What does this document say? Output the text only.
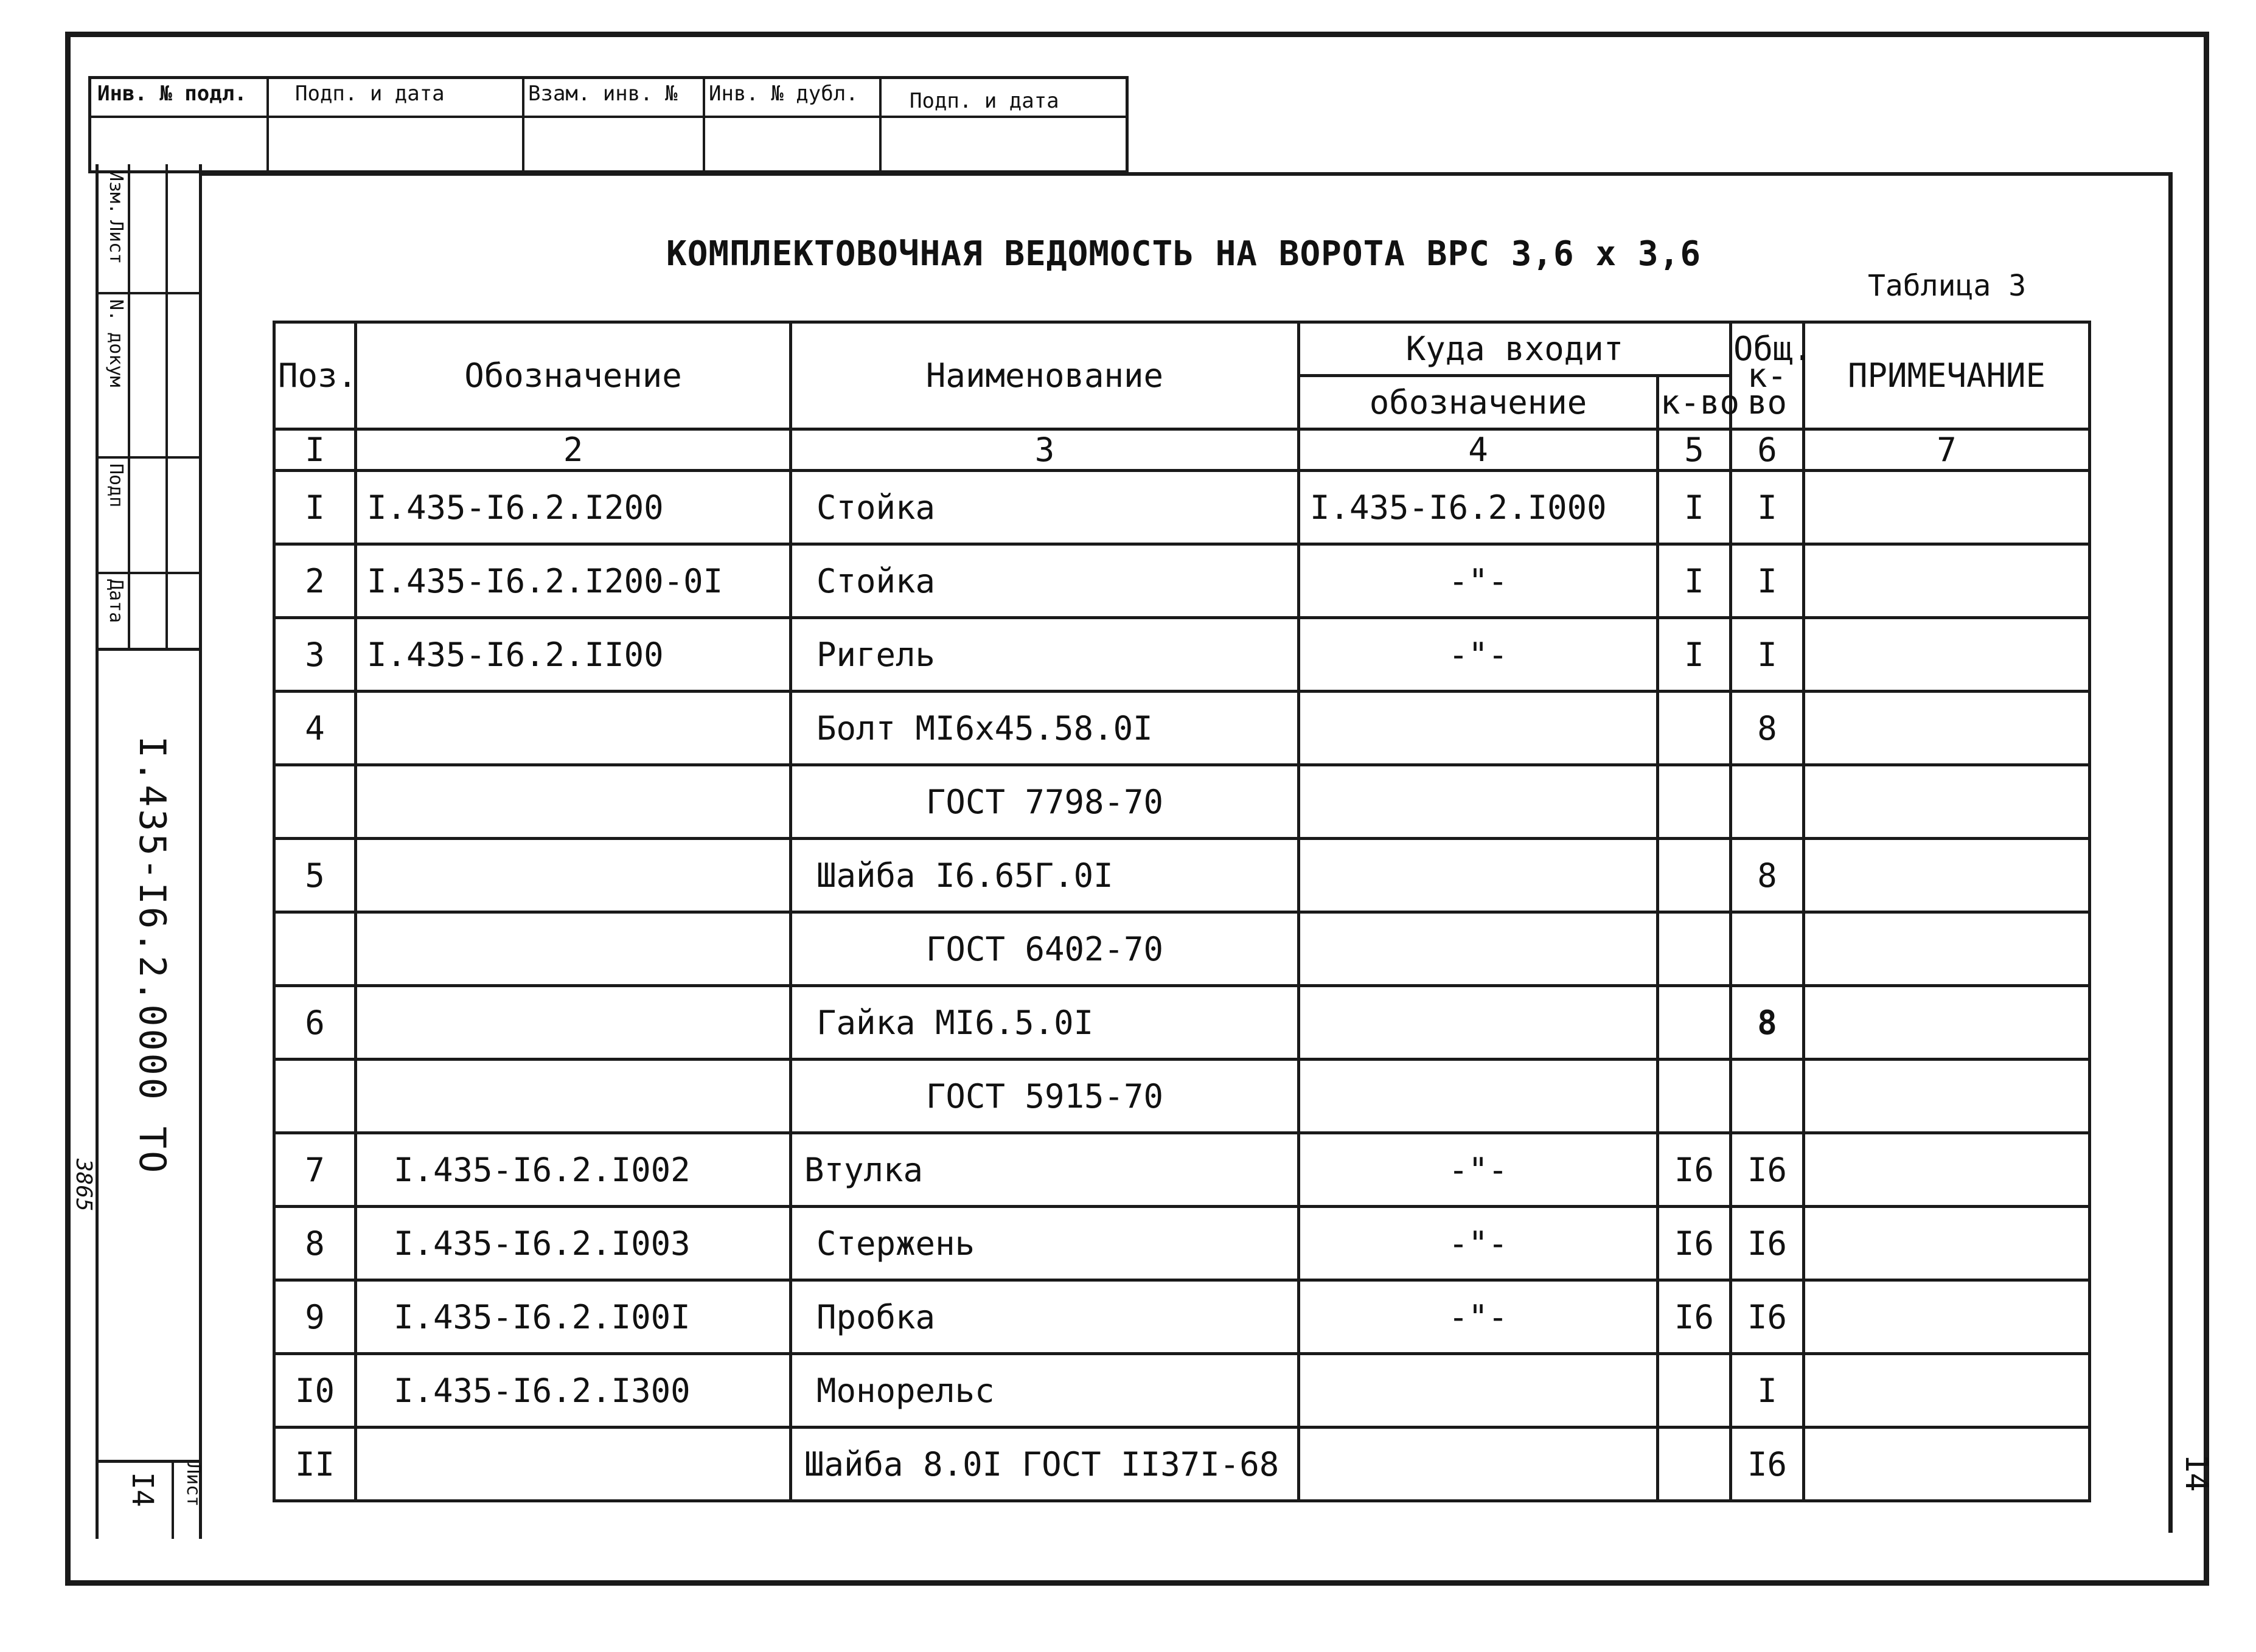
Инв. № подл. Подп. и дата	Взам. инв. № Инв. № дубл. Подп. и дата
Изм.
Лист
N. докум
Подп
Дата
I.435-I6.2.0000 ТО
I4 Лист
3865
КОМПЛЕКТОВОЧНАЯ ВЕДОМОСТЬ НА ВОРОТА ВРС 3,6 х 3,6
Таблица 3
14
Поз.	Обозначение	Наименование	Куда входит		Общ. к-во	ПРИМЕЧАНИЕ
			обозначение	к-во		
I	2	3	4	5	6	7
I	I.435-I6.2.I200	Стойка	I.435-I6.2.I000	I	I	
2	I.435-I6.2.I200-0I	Стойка	-"-	I	I	
3	I.435-I6.2.II00	Ригель	-"-	I	I	
4		Болт МI6х45.58.0I			8	
		ГОСТ 7798-70				
5		Шайба I6.65Г.0I			8	
		ГОСТ 6402-70				
6		Гайка МI6.5.0I			8	
		ГОСТ 5915-70				
7	I.435-I6.2.I002	Втулка	-"-	I6	I6	
8	I.435-I6.2.I003	Стержень	-"-	I6	I6	
9	I.435-I6.2.I00I	Пробка	-"-	I6	I6	
I0	I.435-I6.2.I300	Монорельс			I	
II		Шайба 8.0I ГОСТ II37I-68			I6	
